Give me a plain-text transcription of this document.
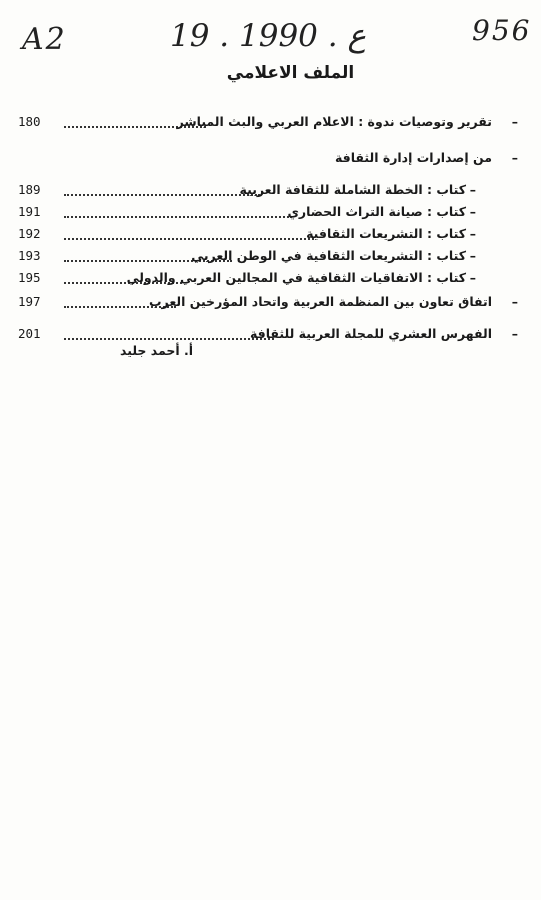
A2	19 . ع . 1990	956
الملف الاعلامي
180	تقرير وتوصيات ندوة : الاعلام العربي والبث المباشر –
من إصدارات إدارة الثقافة –
189	كتاب : الخطة الشاملة للثقافة العربية –
191	كتاب : صيانة التراث الحضاري –
192	كتاب : التشريعات الثقافية –
193	كتاب : التشريعات الثقافية في الوطن العربي –
195	كتاب : الاتفاقيات الثقافية في المجالين العربي والدولي –
197	اتفاق تعاون بين المنظمة العربية واتحاد المؤرخين العرب –
201	الفهرس العشري للمجلة العربية للثقافة –
أ. أحمد جليد
